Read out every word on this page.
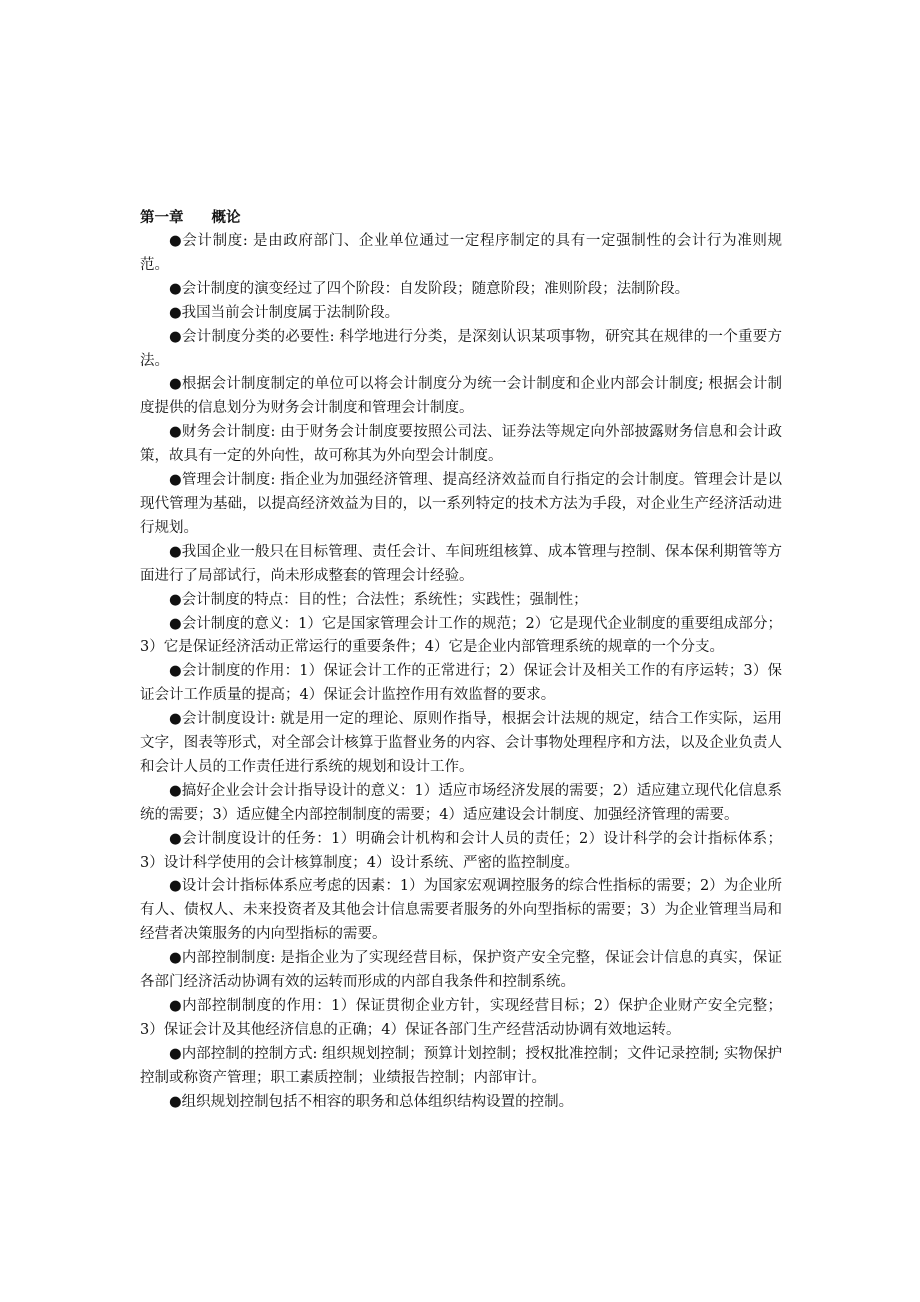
第一章 概论

●会计制度: 是由政府部门、企业单位通过一定程序制定的具有一定强制性的会计行为准则规范。

●会计制度的演变经过了四个阶段：自发阶段；随意阶段；准则阶段；法制阶段。

●我国当前会计制度属于法制阶段。

●会计制度分类的必要性: 科学地进行分类，是深刻认识某项事物，研究其在规律的一个重要方法。

●根据会计制度制定的单位可以将会计制度分为统一会计制度和企业内部会计制度; 根据会计制度提供的信息划分为财务会计制度和管理会计制度。

●财务会计制度: 由于财务会计制度要按照公司法、证券法等规定向外部披露财务信息和会计政策，故具有一定的外向性，故可称其为外向型会计制度。

●管理会计制度: 指企业为加强经济管理、提高经济效益而自行指定的会计制度。管理会计是以现代管理为基础，以提高经济效益为目的，以一系列特定的技术方法为手段，对企业生产经济活动进行规划。

●我国企业一般只在目标管理、责任会计、车间班组核算、成本管理与控制、保本保利期管等方面进行了局部试行，尚未形成整套的管理会计经验。

●会计制度的特点：目的性；合法性；系统性；实践性；强制性；

●会计制度的意义：1）它是国家管理会计工作的规范；2）它是现代企业制度的重要组成部分；3）它是保证经济活动正常运行的重要条件；4）它是企业内部管理系统的规章的一个分支。

●会计制度的作用：1）保证会计工作的正常进行；2）保证会计及相关工作的有序运转；3）保证会计工作质量的提高；4）保证会计监控作用有效监督的要求。

●会计制度设计: 就是用一定的理论、原则作指导，根据会计法规的规定，结合工作实际，运用文字，图表等形式，对全部会计核算于监督业务的内容、会计事物处理程序和方法，以及企业负责人和会计人员的工作责任进行系统的规划和设计工作。

●搞好企业会计会计指导设计的意义：1）适应市场经济发展的需要；2）适应建立现代化信息系统的需要；3）适应健全内部控制制度的需要；4）适应建设会计制度、加强经济管理的需要。

●会计制度设计的任务：1）明确会计机构和会计人员的责任；2）设计科学的会计指标体系；3）设计科学使用的会计核算制度；4）设计系统、严密的监控制度。

●设计会计指标体系应考虑的因素：1）为国家宏观调控服务的综合性指标的需要；2）为企业所有人、债权人、未来投资者及其他会计信息需要者服务的外向型指标的需要；3）为企业管理当局和经营者决策服务的内向型指标的需要。

●内部控制制度: 是指企业为了实现经营目标，保护资产安全完整，保证会计信息的真实，保证各部门经济活动协调有效的运转而形成的内部自我条件和控制系统。

●内部控制制度的作用：1）保证贯彻企业方针，实现经营目标；2）保护企业财产安全完整；3）保证会计及其他经济信息的正确；4）保证各部门生产经营活动协调有效地运转。

●内部控制的控制方式: 组织规划控制；预算计划控制；授权批准控制；文件记录控制; 实物保护控制或称资产管理；职工素质控制；业绩报告控制；内部审计。

●组织规划控制包括不相容的职务和总体组织结构设置的控制。
